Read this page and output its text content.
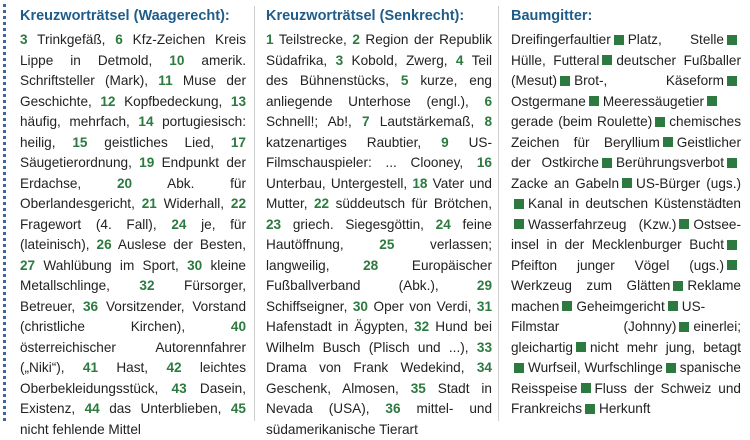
Kreuzworträtsel (Waagerecht):

3 Trinkgefäß, 6 Kfz-Zeichen Kreis Lippe in Detmold, 10 amerik. Schriftsteller (Mark), 11 Muse der Geschichte, 12 Kopfbedeckung, 13 häufig, mehrfach, 14 portugiesisch: heilig, 15 geistliches Lied, 17 Säugetierordnung, 19 Endpunkt der Erdachse,	20	Abk. für Oberlandesgericht, 21 Widerhall, 22 Fragewort (4. Fall), 24 je, für (lateinisch), 26 Auslese der Besten, 27 Wahlübung im Sport, 30 kleine Metallschlinge, 32 Fürsorger, Betreuer, 36 Vorsitzender, Vorstand (christliche Kirchen),	40 österreichischer Autorennfahrer („Niki“), 41 Hast, 42 leichtes Oberbekleidungsstück, 43 Dasein, Existenz, 44 das Unterblieben, 45 nicht fehlende Mittel

Kreuzworträtsel (Senkrecht):

1 Teilstrecke, 2 Region der Republik Südafrika, 3 Kobold, Zwerg, 4 Teil des Bühnenstücks, 5 kurze, eng anliegende Unterhose (engl.), 6 Schnell!; Ab!, 7 Lautstärkemaß, 8 katzenartiges Raubtier, 9 US-Filmschauspieler: ... Clooney, 16 Unterbau, Untergestell, 18 Vater und Mutter, 22 süddeutsch für Brötchen, 23 griech. Siegesgöttin, 24 feine Hautöffnung,	25	verlassen; langweilig, 28 Europäischer Fußballverband (Abk.),	29 Schiffseigner, 30 Oper von Verdi, 31 Hafenstadt in Ägypten, 32 Hund bei Wilhelm Busch (Plisch und ...), 33 Drama von Frank Wedekind, 34 Geschenk, Almosen, 35 Stadt in Nevada (USA), 36 mittel- und südamerikanische Tierart

Baumgitter:

Dreifingerfaultier Platz, StelleHülle, Futteral deutscher Fußballer (Mesut) Brot-, KäseformOstgermane Meeressäugetiergerade (beim Roulette) chemisches Zeichen für Beryllium Geistlicher der Ostkirche BerührungsverbotZacke an Gabeln US-Bürger (ugs.)Kanal in deutschen KüstenstädtenWasserfahrzeug (Kzw.) Ostseeinsel in der Mecklenburger BuchtPfeifton junger Vögel (ugs.)Werkzeug zum Glätten Reklame machen Geheimgericht US-Filmstar (Johnny) einerlei; gleichartig nicht mehr jung, betagtWurfseil, Wurfschlinge spanische Reisspeise Fluss der Schweiz und Frankreichs Herkunft
